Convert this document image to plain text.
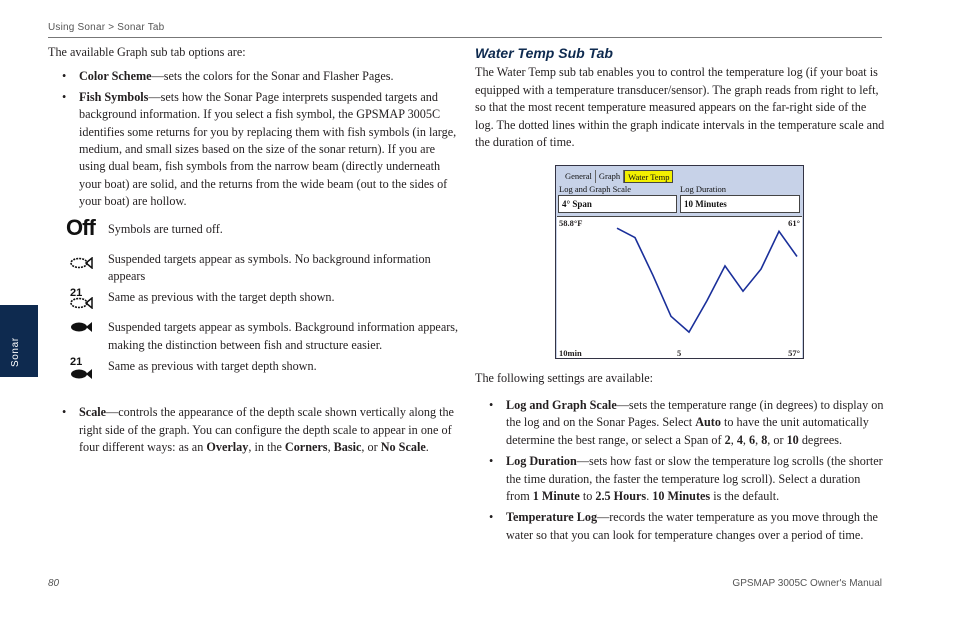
Using Sonar > Sonar Tab
Sonar
The available Graph sub tab options are:
• Color Scheme—sets the colors for the Sonar and Flasher Pages.
• Fish Symbols—sets how the Sonar Page interprets suspended targets and background information. If you select a fish symbol, the GPSMAP 3005C identifies some returns for you by replacing them with fish symbols (in large, medium, and small sizes based on the size of the sonar return). If you are using dual beam, fish symbols from the narrow beam (directly underneath your boat) are solid, and the returns from the wide beam (out to the sides of your boat) are hollow.
Off	Symbols are turned off.
Suspended targets appear as symbols. No background information appears
21	Same as previous with the target depth shown.
Suspended targets appear as symbols. Background information appears, making the distinction between fish and structure easier.
21	Same as previous with target depth shown.
• Scale—controls the appearance of the depth scale shown vertically along the right side of the graph. You can configure the depth scale to appear in one of four different ways: as an Overlay, in the Corners, Basic, or No Scale.
Water Temp Sub Tab
The Water Temp sub tab enables you to control the temperature log (if your boat is equipped with a temperature transducer/sensor). The graph reads from right to left, so that the most recent temperature measured appears on the far-right side of the log. The dotted lines within the graph indicate intervals in the temperature scale and the duration of time.
General Graph Water Temp
Log and Graph Scale	Log Duration
4° Span	10 Minutes
58.8°F	61°
10min	5	57°
The following settings are available:
• Log and Graph Scale—sets the temperature range (in degrees) to display on the log and on the Sonar Pages. Select Auto to have the unit automatically determine the best range, or select a Span of 2, 4, 6, 8, or 10 degrees.
• Log Duration—sets how fast or slow the temperature log scrolls (the shorter the time duration, the faster the temperature log scroll). Select a duration from 1 Minute to 2.5 Hours. 10 Minutes is the default.
• Temperature Log—records the water temperature as you move through the water so that you can look for temperature changes over a period of time.
80	GPSMAP 3005C Owner's Manual
